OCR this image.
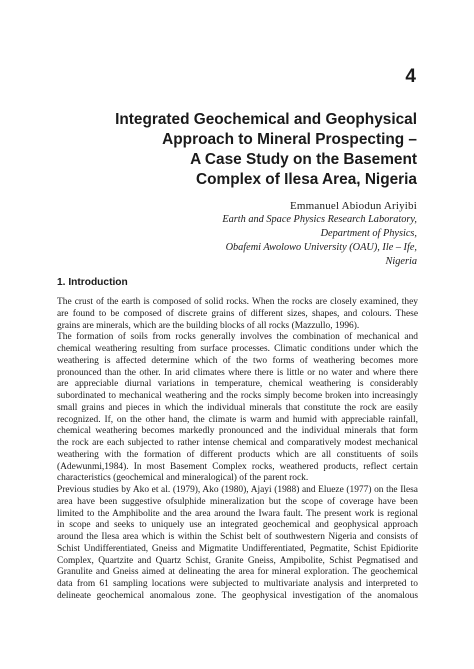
4
Integrated Geochemical and Geophysical
Approach to Mineral Prospecting –
A Case Study on the Basement
Complex of Ilesa Area, Nigeria
Emmanuel Abiodun Ariyibi
Earth and Space Physics Research Laboratory,
Department of Physics,
Obafemi Awolowo University (OAU), Ile – Ife,
Nigeria
1. Introduction
The crust of the earth is composed of solid rocks. When the rocks are closely examined, they
are found to be composed of discrete grains of different sizes, shapes, and colours. These
grains are minerals, which are the building blocks of all rocks (Mazzullo, 1996).
The formation of soils from rocks generally involves the combination of mechanical and
chemical weathering resulting from surface processes. Climatic conditions under which the
weathering is affected determine which of the two forms of weathering becomes more
pronounced than the other. In arid climates where there is little or no water and where there
are appreciable diurnal variations in temperature, chemical weathering is considerably
subordinated to mechanical weathering and the rocks simply become broken into increasingly
small grains and pieces in which the individual minerals that constitute the rock are easily
recognized. If, on the other hand, the climate is warm and humid with appreciable rainfall,
chemical weathering becomes markedly pronounced and the individual minerals that form
the rock are each subjected to rather intense chemical and comparatively modest mechanical
weathering with the formation of different products which are all constituents of soils
(Adewunmi,1984). In most Basement Complex rocks, weathered products, reflect certain
characteristics (geochemical and mineralogical) of the parent rock.
Previous studies by Ako et al. (1979), Ako (1980), Ajayi (1988) and Elueze (1977) on the Ilesa
area have been suggestive ofsulphide mineralization but the scope of coverage have been
limited to the Amphibolite and the area around the Iwara fault. The present work is regional
in scope and seeks to uniquely use an integrated geochemical and geophysical approach
around the Ilesa area which is within the Schist belt of southwestern Nigeria and consists of
Schist Undifferentiated, Gneiss and Migmatite Undifferentiated, Pegmatite, Schist Epidiorite
Complex, Quartzite and Quartz Schist, Granite Gneiss, Ampibolite, Schist Pegmatised and
Granulite and Gneiss aimed at delineating the area for mineral exploration. The geochemical
data from 61 sampling locations were subjected to multivariate analysis and interpreted to
delineate geochemical anomalous zone. The geophysical investigation of the anomalous
